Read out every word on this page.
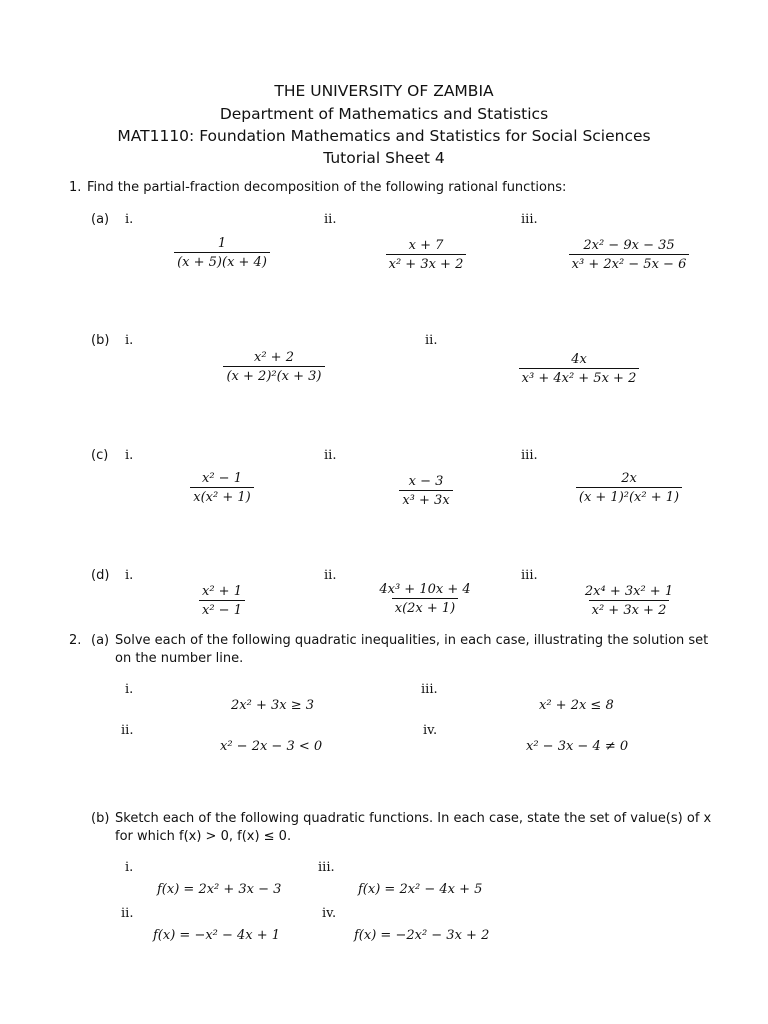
THE UNIVERSITY OF ZAMBIA
Department of Mathematics and Statistics
MAT1110: Foundation Mathematics and Statistics for Social Sciences
Tutorial Sheet 4
1. Find the partial-fraction decomposition of the following rational functions:
(a) i.
$\frac{1}{(x + 5)(x + 4)}$
ii.
$\frac{x + 7}{\text{x² + 3x + 2}}$
iii.
$\frac{\text{2x² − 9x − 35}}{\text{x³ + 2x² − 5x − 6}}$
(b) i.
$\frac{\text{x² + 2}}{\text{(x + 2)²(x + 3)}}$
ii.
$\frac{4x}{\text{x³ + 4x² + 5x + 2}}$
(c) i.
$\frac{\text{x² − 1}}{\text{x(x² + 1)}}$
ii.
$\frac{x - 3}{\text{x³ + 3x}}$
iii.
$\frac{2x}{\text{(x + 1)²(x² + 1)}}$
(d) i.
$\frac{\text{x² + 1}}{\text{x² − 1}}$
ii.
$\frac{\text{4x³ + 10x + 4}}{x(2x + 1)}$
iii.
$\frac{\text{2x⁴ + 3x² + 1}}{\text{x² + 3x + 2}}$
2. (a) Solve each of the following quadratic inequalities, in each case, illustrating the solution set
on the number line.
i.
2x² + 3x ≥ 3
ii.
x² − 2x − 3 < 0
iii.
x² + 2x ≤ 8
iv.
x² − 3x − 4 ≠ 0
(b) Sketch each of the following quadratic functions. In each case, state the set of value(s) of x
for which f(x) > 0, f(x) ≤ 0.
i.
f(x) = 2x² + 3x − 3
ii.
f(x) = −x² − 4x + 1
iii.
f(x) = 2x² − 4x + 5
iv.
f(x) = −2x² − 3x + 2
